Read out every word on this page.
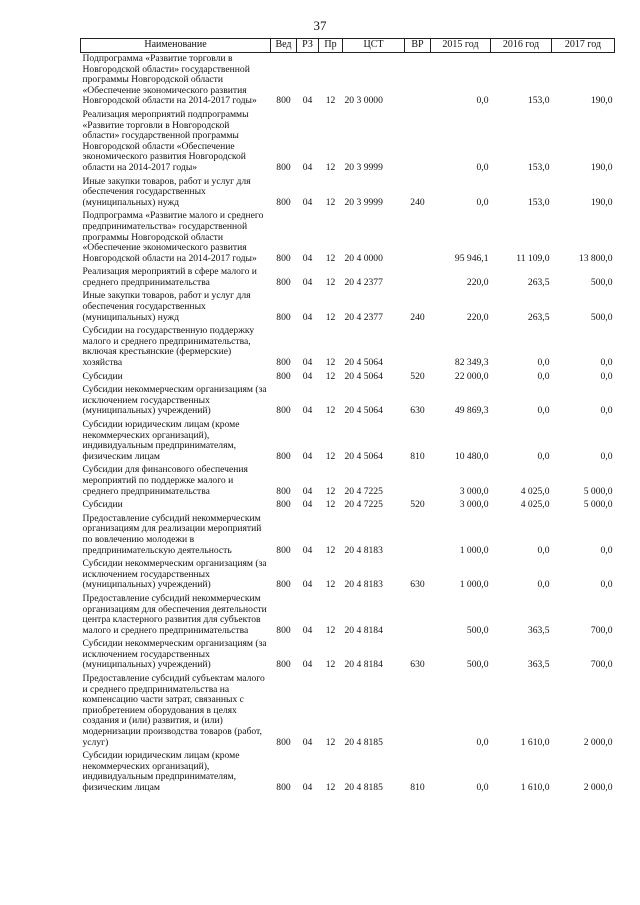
37
Наименование	Вед	РЗ	Пр	ЦСТ	ВР	2015 год	2016 год	2017 год
Подпрограмма «Развитие торговли в Новгородской области» государственной программы Новгородской области «Обеспечение экономического развития Новгородской области на 2014-2017 годы»	800	04	12	20 3 0000		0,0	153,0	190,0
Реализация мероприятий подпрограммы «Развитие торговли в Новгородской области» государственной программы Новгородской области «Обеспечение экономического развития Новгородской области на 2014-2017 годы»	800	04	12	20 3 9999		0,0	153,0	190,0
Иные закупки товаров, работ и услуг для обеспечения государственных (муниципальных) нужд	800	04	12	20 3 9999	240	0,0	153,0	190,0
Подпрограмма «Развитие малого и среднего предпринимательства» государственной программы Новгородской области «Обеспечение экономического развития Новгородской области на 2014-2017 годы»	800	04	12	20 4 0000		95 946,1	11 109,0	13 800,0
Реализация мероприятий в сфере малого и среднего предпринимательства	800	04	12	20 4 2377		220,0	263,5	500,0
Иные закупки товаров, работ и услуг для обеспечения государственных (муниципальных) нужд	800	04	12	20 4 2377	240	220,0	263,5	500,0
Субсидии на государственную поддержку малого и среднего предпринимательства, включая крестьянские (фермерские) хозяйства	800	04	12	20 4 5064		82 349,3	0,0	0,0
Субсидии	800	04	12	20 4 5064	520	22 000,0	0,0	0,0
Субсидии некоммерческим организациям (за исключением государственных (муниципальных) учреждений)	800	04	12	20 4 5064	630	49 869,3	0,0	0,0
Субсидии юридическим лицам (кроме некоммерческих организаций), индивидуальным предпринимателям, физическим лицам	800	04	12	20 4 5064	810	10 480,0	0,0	0,0
Субсидии для финансового обеспечения мероприятий по поддержке малого и среднего предпринимательства	800	04	12	20 4 7225		3 000,0	4 025,0	5 000,0
Субсидии	800	04	12	20 4 7225	520	3 000,0	4 025,0	5 000,0
Предоставление субсидий некоммерческим организациям для реализации мероприятий по вовлечению молодежи в предпринимательскую деятельность	800	04	12	20 4 8183		1 000,0	0,0	0,0
Субсидии некоммерческим организациям (за исключением государственных (муниципальных) учреждений)	800	04	12	20 4 8183	630	1 000,0	0,0	0,0
Предоставление субсидий некоммерческим организациям для обеспечения деятельности центра кластерного развития для субъектов малого и среднего предпринимательства	800	04	12	20 4 8184		500,0	363,5	700,0
Субсидии некоммерческим организациям (за исключением государственных (муниципальных) учреждений)	800	04	12	20 4 8184	630	500,0	363,5	700,0
Предоставление субсидий субъектам малого и среднего предпринимательства на компенсацию части затрат, связанных с приобретением оборудования в целях создания и (или) развития, и (или) модернизации производства товаров (работ, услуг)	800	04	12	20 4 8185		0,0	1 610,0	2 000,0
Субсидии юридическим лицам (кроме некоммерческих организаций), индивидуальным предпринимателям, физическим лицам	800	04	12	20 4 8185	810	0,0	1 610,0	2 000,0
